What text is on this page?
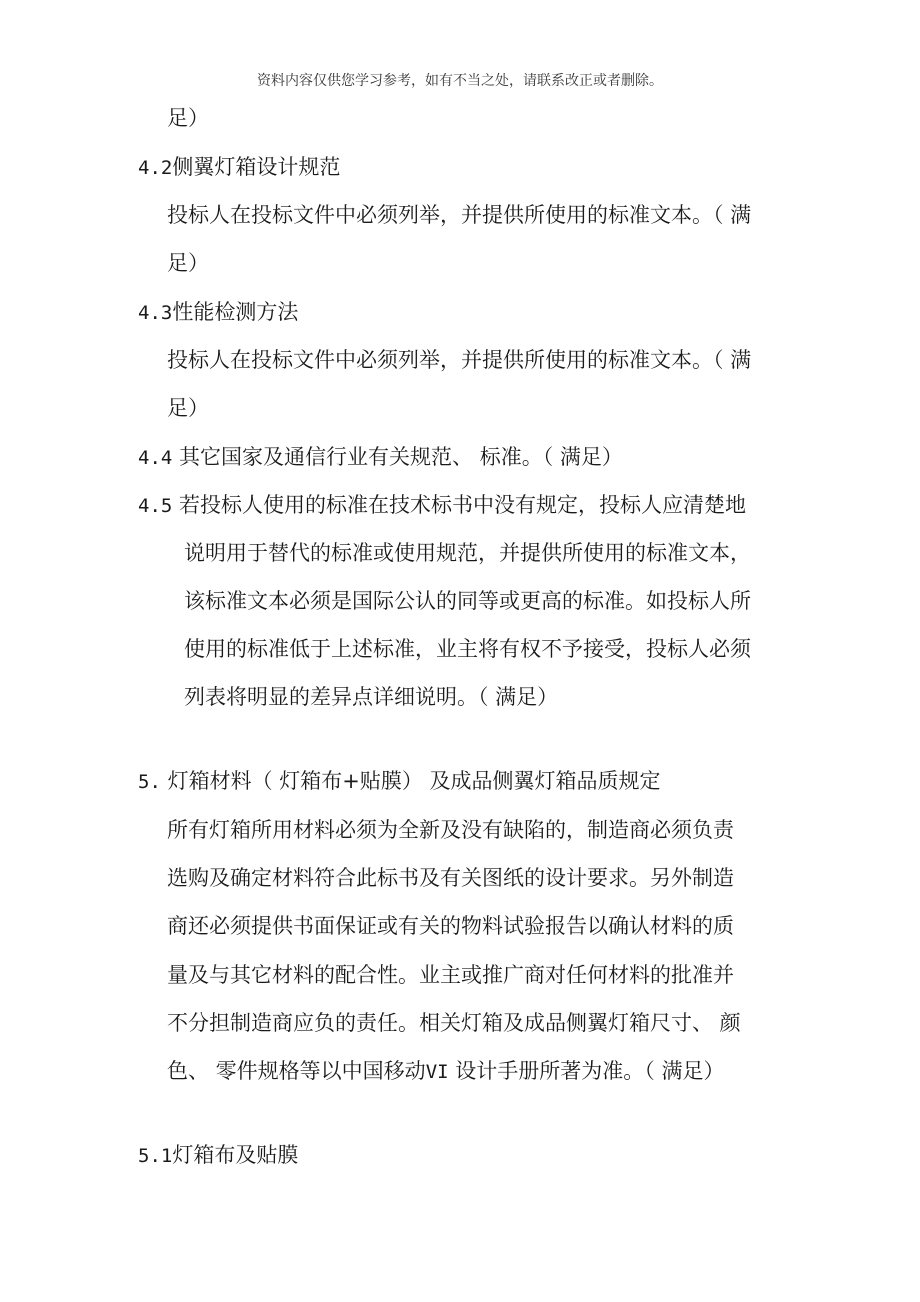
资料内容仅供您学习参考，如有不当之处，请联系改正或者删除。
足）
4.2侧翼灯箱设计规范
投标人在投标文件中必须列举，并提供所使用的标准文本。（ 满
足）
4.3性能检测方法
投标人在投标文件中必须列举，并提供所使用的标准文本。（ 满
足）
4.4 其它国家及通信行业有关规范、 标准。（ 满足）
4.5 若投标人使用的标准在技术标书中没有规定，投标人应清楚地
说明用于替代的标准或使用规范，并提供所使用的标准文本，
该标准文本必须是国际公认的同等或更高的标准。如投标人所
使用的标准低于上述标准，业主将有权不予接受，投标人必须
列表将明显的差异点详细说明。（ 满足）
5. 灯箱材料（ 灯箱布+贴膜） 及成品侧翼灯箱品质规定
所有灯箱所用材料必须为全新及没有缺陷的，制造商必须负责
选购及确定材料符合此标书及有关图纸的设计要求。另外制造
商还必须提供书面保证或有关的物料试验报告以确认材料的质
量及与其它材料的配合性。业主或推广商对任何材料的批准并
不分担制造商应负的责任。相关灯箱及成品侧翼灯箱尺寸、 颜
色、 零件规格等以中国移动VI 设计手册所著为准。（ 满足）
5.1灯箱布及贴膜
